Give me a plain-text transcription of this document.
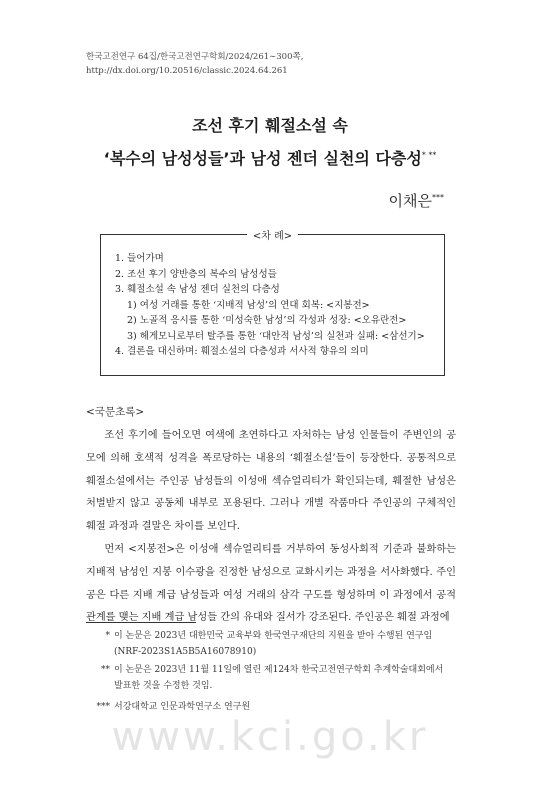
한국고전연구 64집/한국고전연구학회/2024/261∼300쪽,
http://dx.doi.org/10.20516/classic.2024.64.261
조선 후기 훼절소설 속
‘복수의 남성성들’과 남성 젠더 실천의 다층성* **
이채은***
<차 례>
1. 들어가며
2. 조선 후기 양반층의 복수의 남성성들
3. 훼절소설 속 남성 젠더 실천의 다층성
1) 여성 거래를 통한 ‘지배적 남성’의 연대 회복: <지봉전>
2) 노골적 응시를 통한 ‘미성숙한 남성’의 각성과 성장: <오유란전>
3) 헤게모니로부터 탈주를 통한 ‘대안적 남성’의 실천과 실패: <삼선기>
4. 결론을 대신하며: 훼절소설의 다층성과 서사적 향유의 의미
<국문초록>

조선 후기에 들어오면 여색에 초연하다고 자처하는 남성 인물들이 주변인의 공모에 의해 호색적 성격을 폭로당하는 내용의 ‘훼절소설’들이 등장한다. 공통적으로 훼절소설에서는 주인공 남성들의 이성애 섹슈얼리티가 확인되는데, 훼절한 남성은 처벌받지 않고 공동체 내부로 포용된다. 그러나 개별 작품마다 주인공의 구체적인 훼절 과정과 결말은 차이를 보인다.

먼저 <지봉전>은 이성애 섹슈얼리티를 거부하여 동성사회적 기준과 불화하는 지배적 남성인 지봉 이수광을 진정한 남성으로 교화시키는 과정을 서사화했다. 주인공은 다른 지배 계급 남성들과 여성 거래의 삼각 구도를 형성하며 이 과정에서 공적 관계를 맺는 지배 계급 남성들 간의 유대와 질서가 강조된다. 주인공은 훼절 과정에

* 이 논문은 2023년 대한민국 교육부와 한국연구재단의 지원을 받아 수행된 연구임
(NRF-2023S1A5B5A16078910)
** 이 논문은 2023년 11월 11일에 열린 제124차 한국고전연구학회 추계학술대회에서
발표한 것을 수정한 것임.
*** 서강대학교 인문과학연구소 연구원
www.kci.go.kr
